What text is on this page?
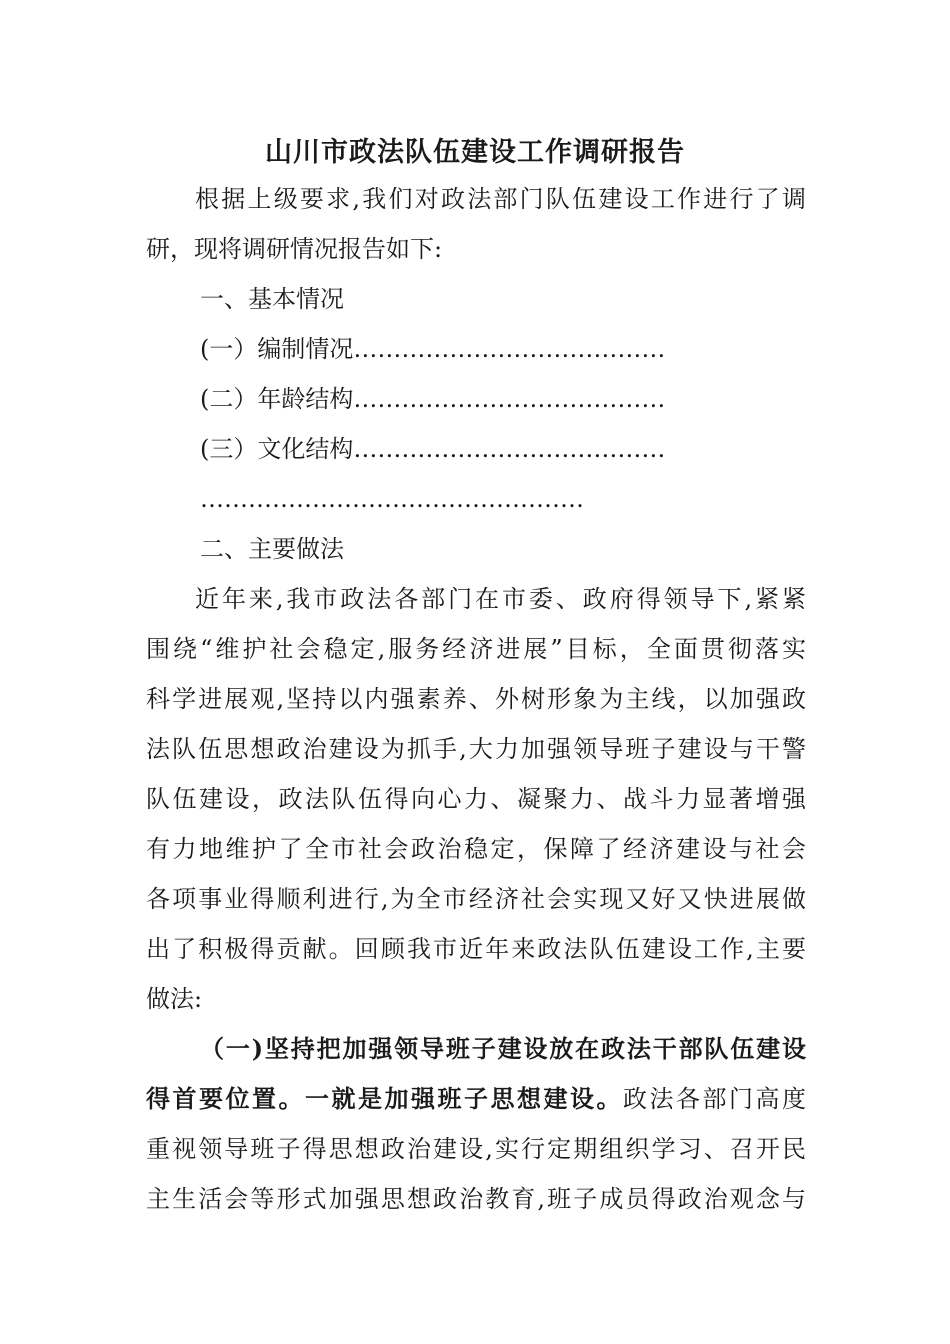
山川市政法队伍建设工作调研报告
根据上级要求,我们对政法部门队伍建设工作进行了调
研，现将调研情况报告如下:
一、基本情况
(一）编制情况…………………………………
(二）年龄结构…………………………………
(三）文化结构…………………………………
…………………………………………
二、主要做法
近年来,我市政法各部门在市委、政府得领导下,紧紧
围绕“维护社会稳定,服务经济进展”目标，全面贯彻落实
科学进展观,坚持以内强素养、外树形象为主线，以加强政
法队伍思想政治建设为抓手,大力加强领导班子建设与干警
队伍建设，政法队伍得向心力、凝聚力、战斗力显著增强
有力地维护了全市社会政治稳定，保障了经济建设与社会
各项事业得顺利进行,为全市经济社会实现又好又快进展做
出了积极得贡献。回顾我市近年来政法队伍建设工作,主要
做法:
（一)坚持把加强领导班子建设放在政法干部队伍建设
得首要位置。一就是加强班子思想建设。政法各部门高度
重视领导班子得思想政治建设,实行定期组织学习、召开民
主生活会等形式加强思想政治教育,班子成员得政治观念与
